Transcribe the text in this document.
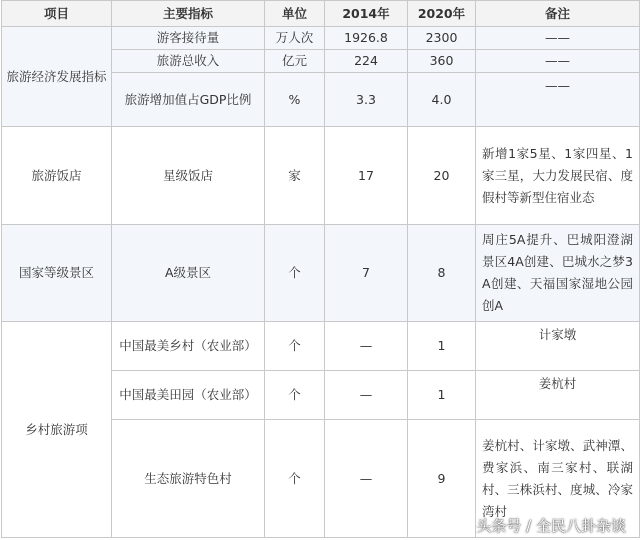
项目	主要指标	单位	2014年	2020年	备注
旅游经济发展指标	游客接待量	万人次	1926.8	2300	——
	旅游总收入	亿元	224	360	——
	旅游增加值占GDP比例	%	3.3	4.0	——
旅游饭店	星级饭店	家	17	20	新增1家5星、1家四星、1家三星，大力发展民宿、度假村等新型住宿业态
国家等级景区	A级景区	个	7	8	周庄5A提升、巴城阳澄湖景区4A创建、巴城水之梦3A创建、天福国家湿地公园创A
乡村旅游项	中国最美乡村（农业部）	个	—	1	计家墩
	中国最美田园（农业部）	个	—	1	姜杭村
	生态旅游特色村	个	—	9	姜杭村、计家墩、武神潭、费家浜、南三家村、联湖村、三株浜村、度城、冷家湾村
头条号 / 全民八卦杂谈
